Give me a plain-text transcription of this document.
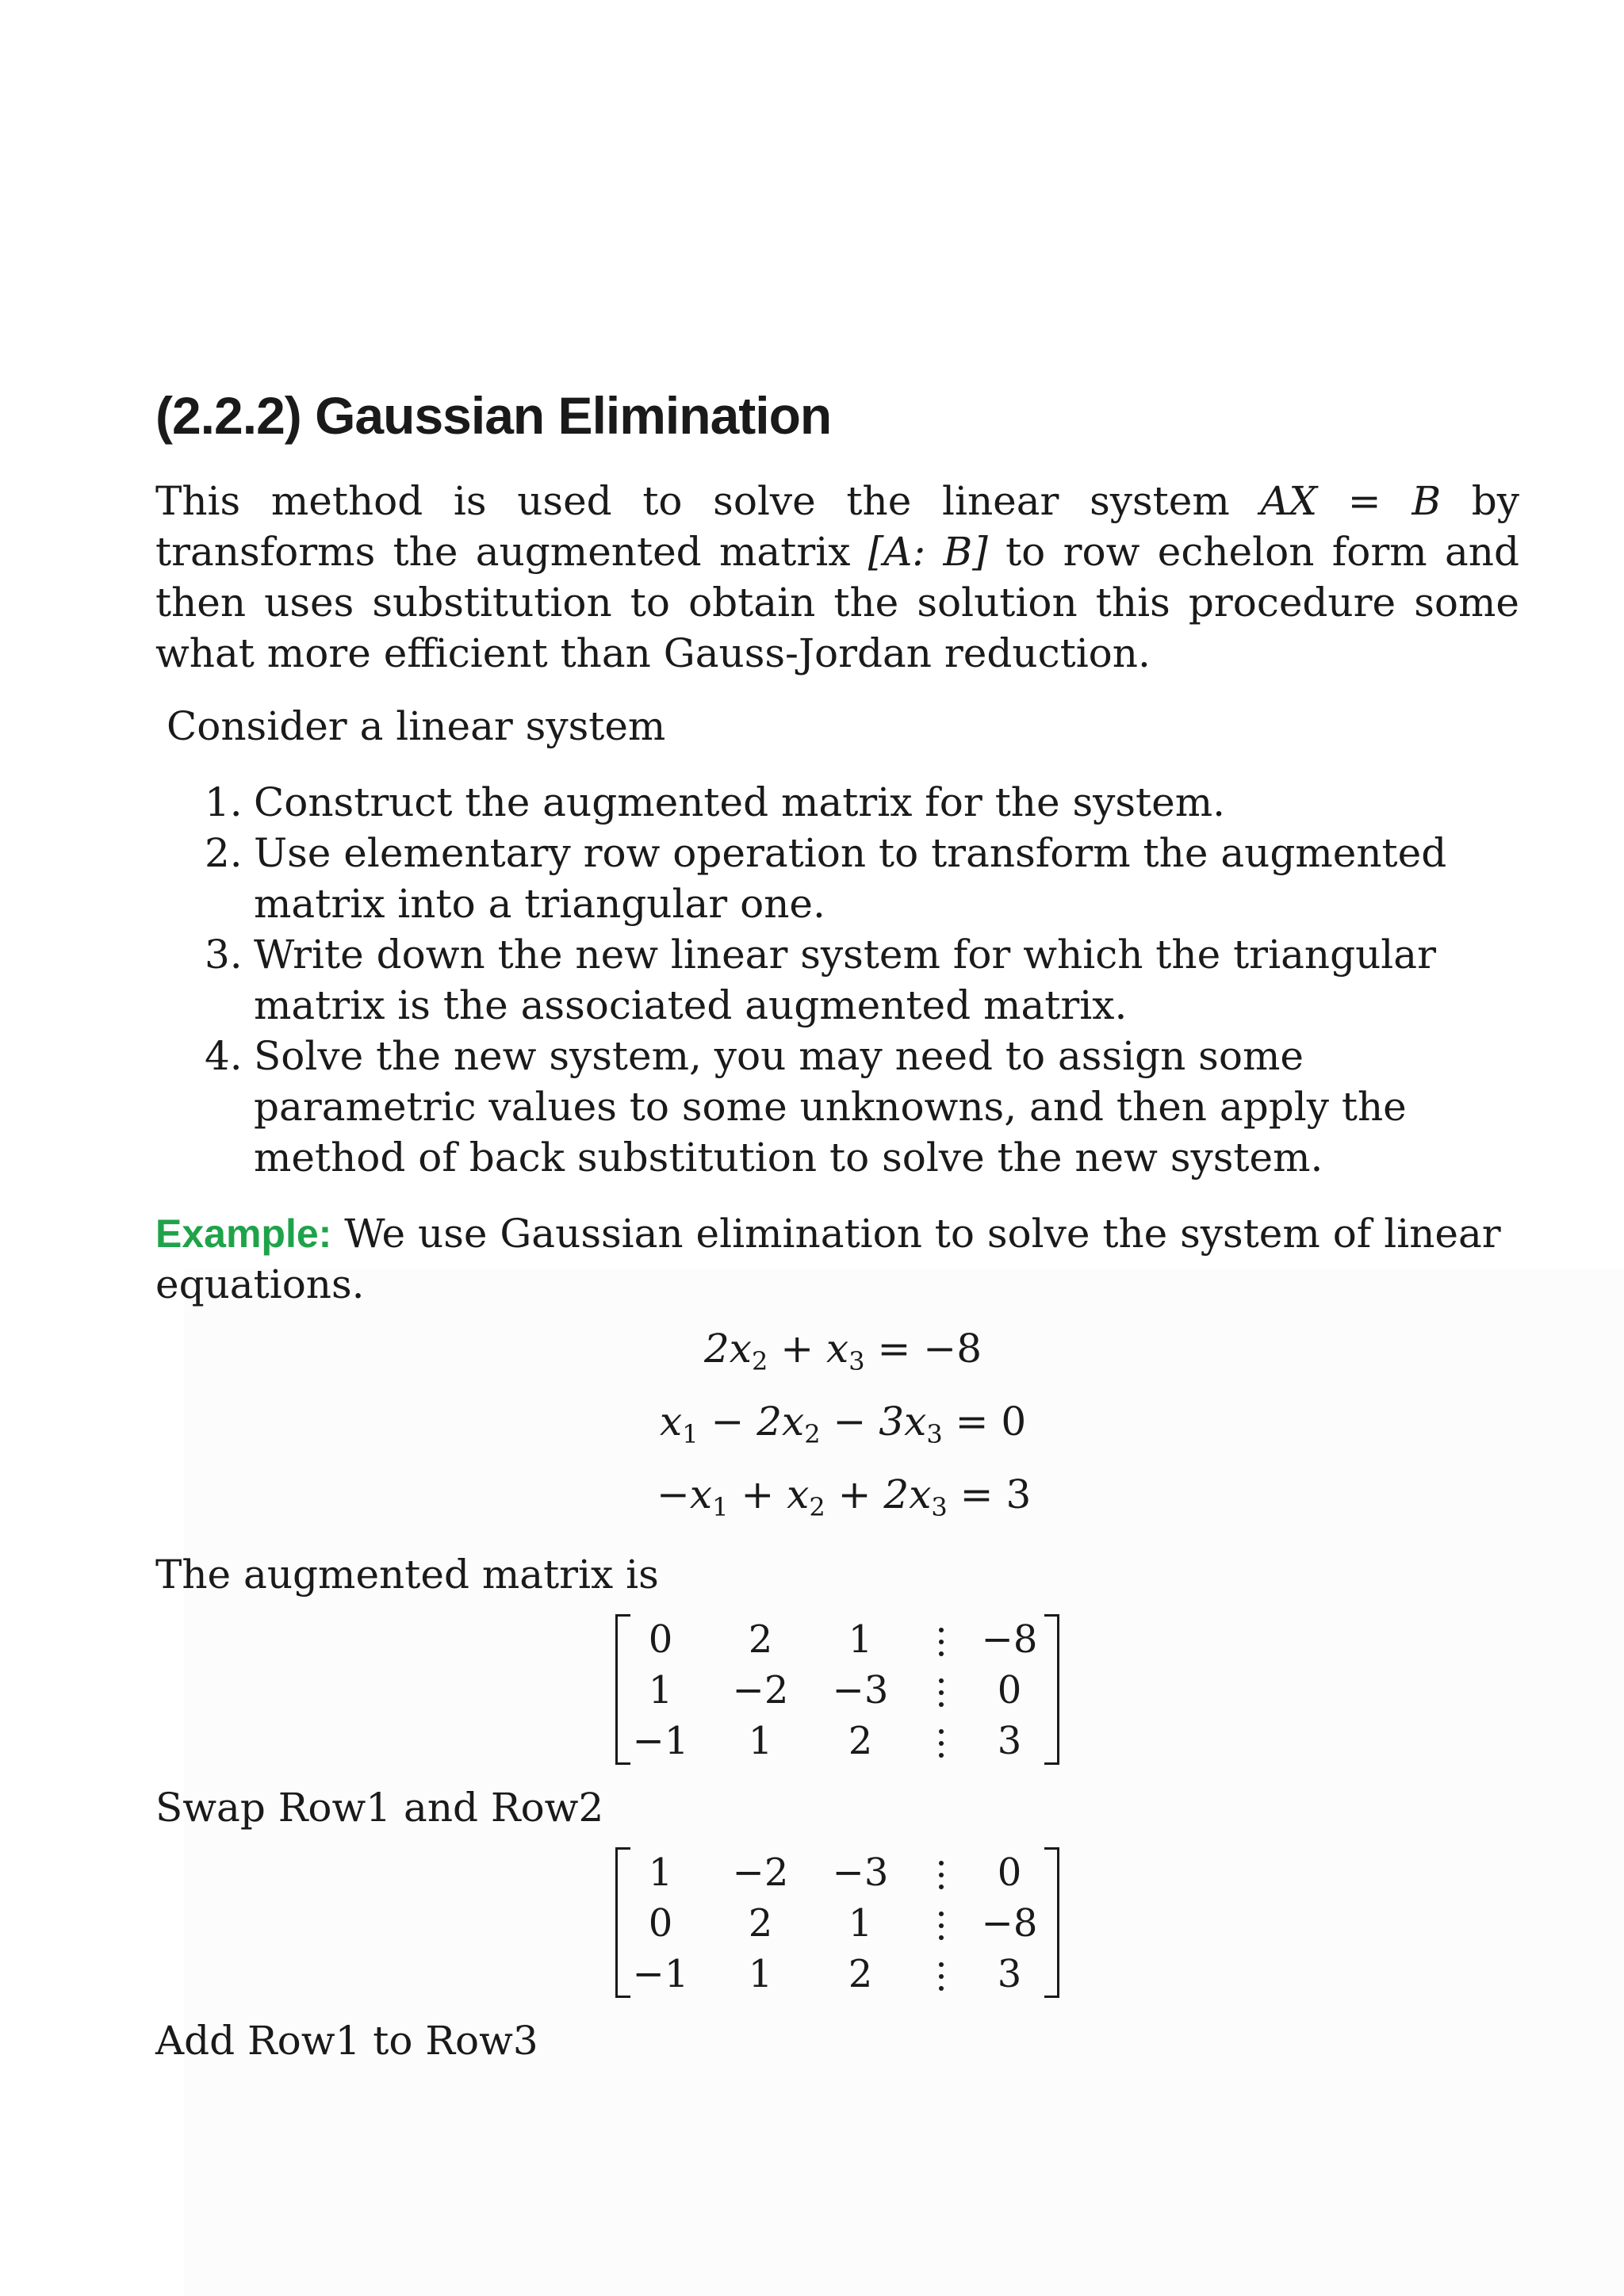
(2.2.2) Gaussian Elimination

This method is used to solve the linear system AX = B by transforms the augmented matrix [A: B] to row echelon form and then uses substitution to obtain the solution this procedure some what more efficient than Gauss-Jordan reduction.

Consider a linear system
1. Construct the augmented matrix for the system.
2. Use elementary row operation to transform the augmented matrix into a triangular one.
3. Write down the new linear system for which the triangular matrix is the associated augmented matrix.
4. Solve the new system, you may need to assign some parametric values to some unknowns, and then apply the method of back substitution to solve the new system.
Example: We use Gaussian elimination to solve the system of linear equations.
$2x_2 + x_3 = -8$
$x_1 - 2x_2 - 3x_3 = 0$
$-x_1 + x_2 + 2x_3 = 3$
The augmented matrix is
0	2	1	−8
1	−2 −3	0
−1	1	2	3
Swap Row1 and Row2
1	−2 −3	0
0	2	1	−8
−1	1	2	3
Add Row1 to Row3
